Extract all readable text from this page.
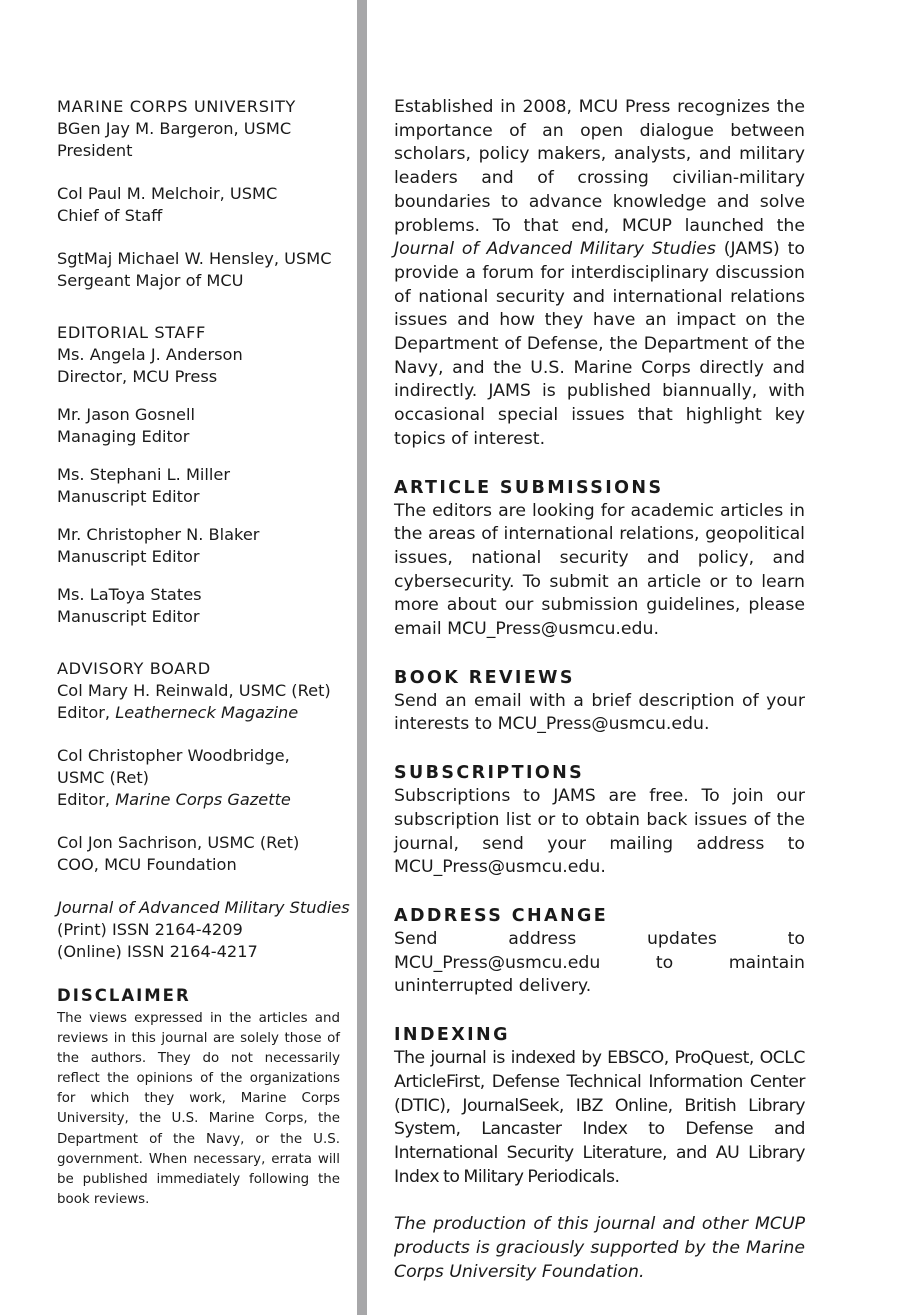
MARINE CORPS UNIVERSITY
BGen Jay M. Bargeron, USMC
President
Col Paul M. Melchoir, USMC
Chief of Staff
SgtMaj Michael W. Hensley, USMC
Sergeant Major of MCU
EDITORIAL STAFF
Ms. Angela J. Anderson
Director, MCU Press
Mr. Jason Gosnell
Managing Editor
Ms. Stephani L. Miller
Manuscript Editor
Mr. Christopher N. Blaker
Manuscript Editor
Ms. LaToya States
Manuscript Editor
ADVISORY BOARD
Col Mary H. Reinwald, USMC (Ret)
Editor, Leatherneck Magazine
Col Christopher Woodbridge,
USMC (Ret)
Editor, Marine Corps Gazette
Col Jon Sachrison, USMC (Ret)
COO, MCU Foundation
Journal of Advanced Military Studies
(Print) ISSN 2164-4209
(Online) ISSN 2164-4217
DISCLAIMER
The views expressed in the articles and reviews in this journal are solely those of the authors. They do not necessarily reflect the opinions of the organizations for which they work, Marine Corps University, the U.S. Marine Corps, the Department of the Navy, or the U.S. government. When necessary, errata will be published immediately following the book reviews.

Established in 2008, MCU Press recognizes the importance of an open dialogue between scholars, policy makers, analysts, and military leaders and of crossing civilian-military boundaries to advance knowledge and solve problems. To that end, MCUP launched the Journal of Advanced Military Studies (JAMS) to provide a forum for interdisciplinary discussion of national security and international relations issues and how they have an impact on the Department of Defense, the Department of the Navy, and the U.S. Marine Corps directly and indirectly. JAMS is published biannually, with occasional special issues that highlight key topics of interest.

ARTICLE SUBMISSIONS

The editors are looking for academic articles in the areas of international relations, geopolitical issues, national security and policy, and cybersecurity. To submit an article or to learn more about our submission guidelines, please email MCU_Press@usmcu.edu.

BOOK REVIEWS

Send an email with a brief description of your interests to MCU_Press@usmcu.edu.

SUBSCRIPTIONS

Subscriptions to JAMS are free. To join our subscription list or to obtain back issues of the journal, send your mailing address to MCU_Press@usmcu.edu.

ADDRESS CHANGE

Send address updates to MCU_Press@usmcu.edu to maintain uninterrupted delivery.

INDEXING

The journal is indexed by EBSCO, ProQuest, OCLC ArticleFirst, Defense Technical Information Center (DTIC), JournalSeek, IBZ Online, British Library System, Lancaster Index to Defense and International Security Literature, and AU Library Index to Military Periodicals.

The production of this journal and other MCUP products is graciously supported by the Marine Corps University Foundation.
